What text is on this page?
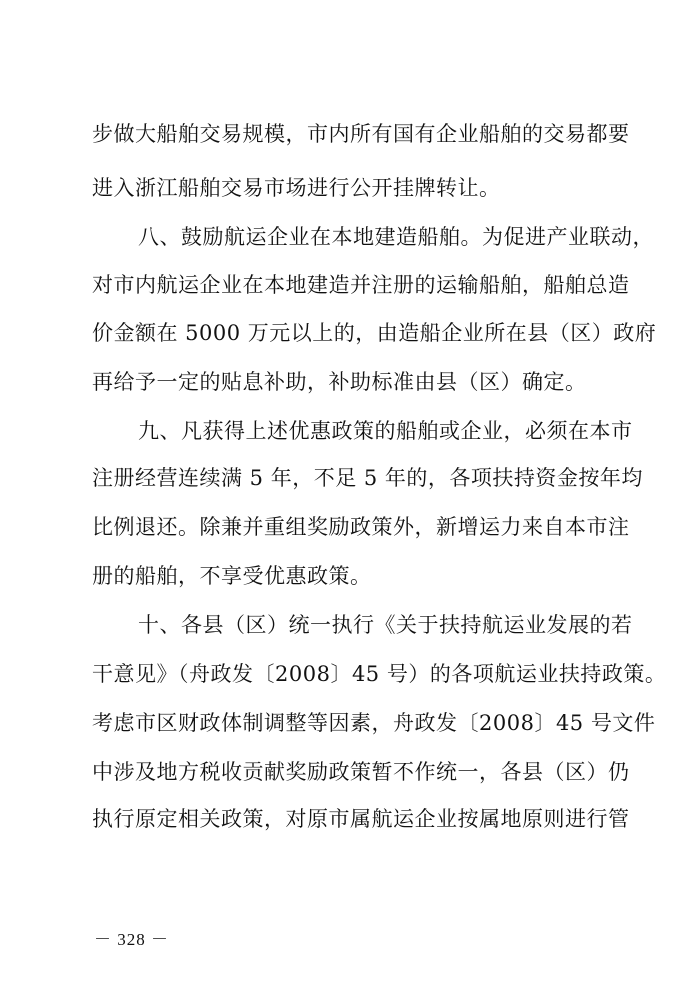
步做大船舶交易规模，市内所有国有企业船舶的交易都要
进入浙江船舶交易市场进行公开挂牌转让。
八、鼓励航运企业在本地建造船舶。为促进产业联动，
对市内航运企业在本地建造并注册的运输船舶，船舶总造
价金额在 5000 万元以上的，由造船企业所在县（区）政府
再给予一定的贴息补助，补助标准由县（区）确定。
九、凡获得上述优惠政策的船舶或企业，必须在本市
注册经营连续满 5 年，不足 5 年的，各项扶持资金按年均
比例退还。除兼并重组奖励政策外，新增运力来自本市注
册的船舶，不享受优惠政策。
十、各县（区）统一执行《关于扶持航运业发展的若
干意见》（舟政发〔2008〕45 号）的各项航运业扶持政策。
考虑市区财政体制调整等因素，舟政发〔2008〕45 号文件
中涉及地方税收贡献奖励政策暂不作统一，各县（区）仍
执行原定相关政策，对原市属航运企业按属地原则进行管
－ 328 －
